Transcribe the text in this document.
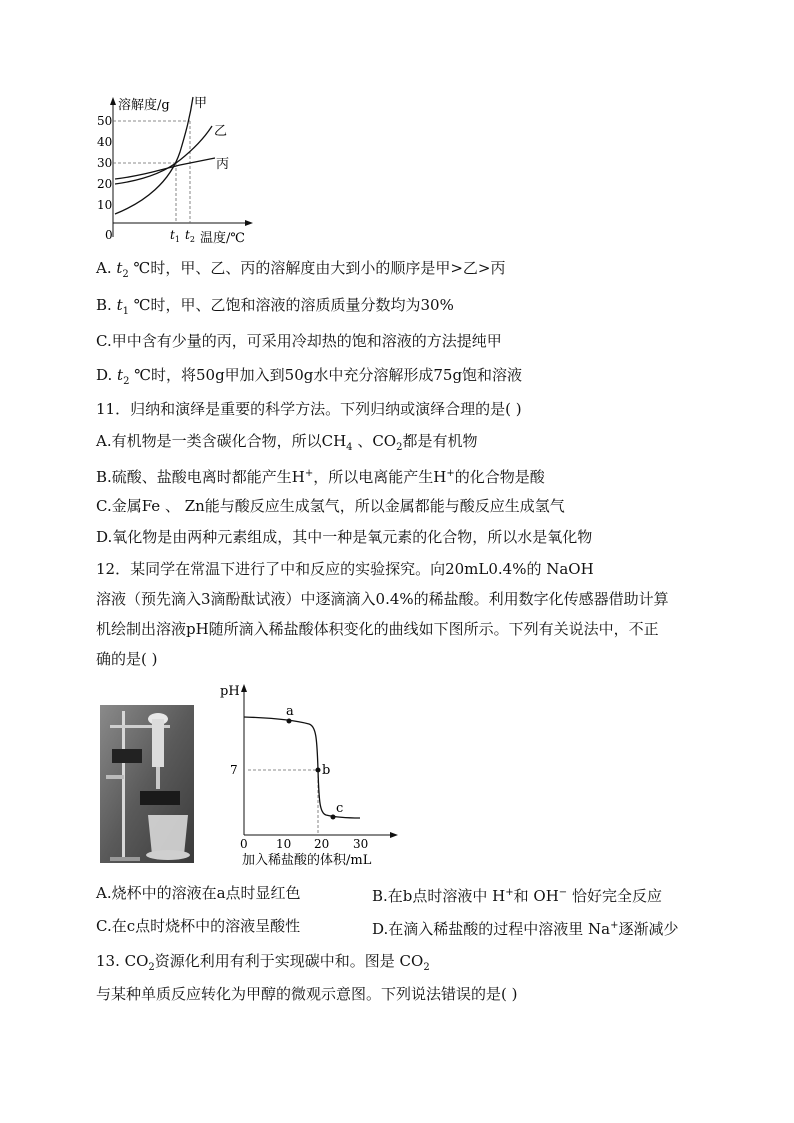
溶解度/g 甲
乙
丙
50
40
30
20
10
0	$t_1$ $t_2$ 温度/℃
A. $t_2$ ℃时，甲、乙、丙的溶解度由大到小的顺序是甲>乙>丙
B. $t_1$ ℃时，甲、乙饱和溶液的溶质质量分数均为30%
C.甲中含有少量的丙，可采用冷却热的饱和溶液的方法提纯甲
D. $t_2$ ℃时，将50g甲加入到50g水中充分溶解形成75g饱和溶液
11．归纳和演绎是重要的科学方法。下列归纳或演绎合理的是( )
A.有机物是一类含碳化合物，所以$CH_4$ 、$CO_2$都是有机物
B.硫酸、盐酸电离时都能产生H+，所以电离能产生H+的化合物是酸
C.金属Fe 、 Zn能与酸反应生成氢气，所以金属都能与酸反应生成氢气
D.氧化物是由两种元素组成，其中一种是氧元素的化合物，所以水是氧化物
12．某同学在常温下进行了中和反应的实验探究。向20mL0.4%的 NaOH
溶液（预先滴入3滴酚酞试液）中逐滴滴入0.4%的稀盐酸。利用数字化传感器借助计算
机绘制出溶液pH随所滴入稀盐酸体积变化的曲线如下图所示。下列有关说法中，不正
确的是( )
a
b
c
pH
7
0 10 20 30
加入稀盐酸的体积/mL
A.烧杯中的溶液在a点时显红色	B.在b点时溶液中 H+和 OH− 恰好完全反应
C.在c点时烧杯中的溶液呈酸性	D.在滴入稀盐酸的过程中溶液里 Na+逐渐减少
13. $CO_2$资源化利用有利于实现碳中和。图是 $CO_2$
与某种单质反应转化为甲醇的微观示意图。下列说法错误的是( )
